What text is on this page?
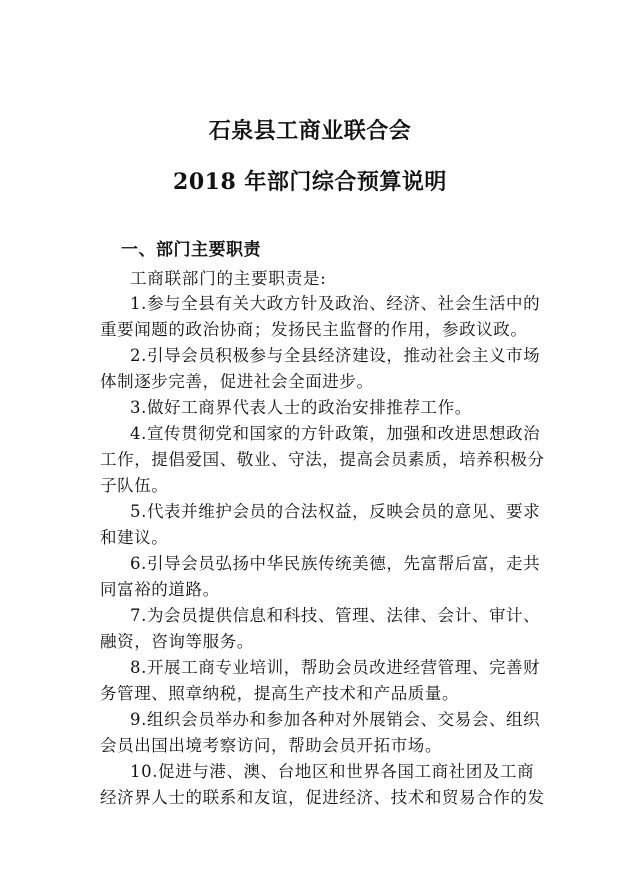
石泉县工商业联合会
2018 年部门综合预算说明
一、部门主要职责
工商联部门的主要职责是:
1.参与全县有关大政方针及政治、经济、社会生活中的
重要闻题的政治协商；发扬民主监督的作用，参政议政。
2.引导会员积极参与全县经济建设，推动社会主义市场
体制逐步完善，促进社会全面进步。
3.做好工商界代表人士的政治安排推荐工作。
4.宣传贯彻党和国家的方针政策，加强和改进思想政治
工作，提倡爱国、敬业、守法，提高会员素质，培养积极分
子队伍。
5.代表并维护会员的合法权益，反映会员的意见、要求
和建议。
6.引导会员弘扬中华民族传统美德，先富帮后富，走共
同富裕的道路。
7.为会员提供信息和科技、管理、法律、会计、审计、
融资，咨询等服务。
8.开展工商专业培训，帮助会员改进经营管理、完善财
务管理、照章纳税，提高生产技术和产品质量。
9.组织会员举办和参加各种对外展销会、交易会、组织
会员出国出境考察访问，帮助会员开拓市场。
10.促进与港、澳、台地区和世界各国工商社团及工商
经济界人士的联系和友谊，促进经济、技术和贸易合作的发
